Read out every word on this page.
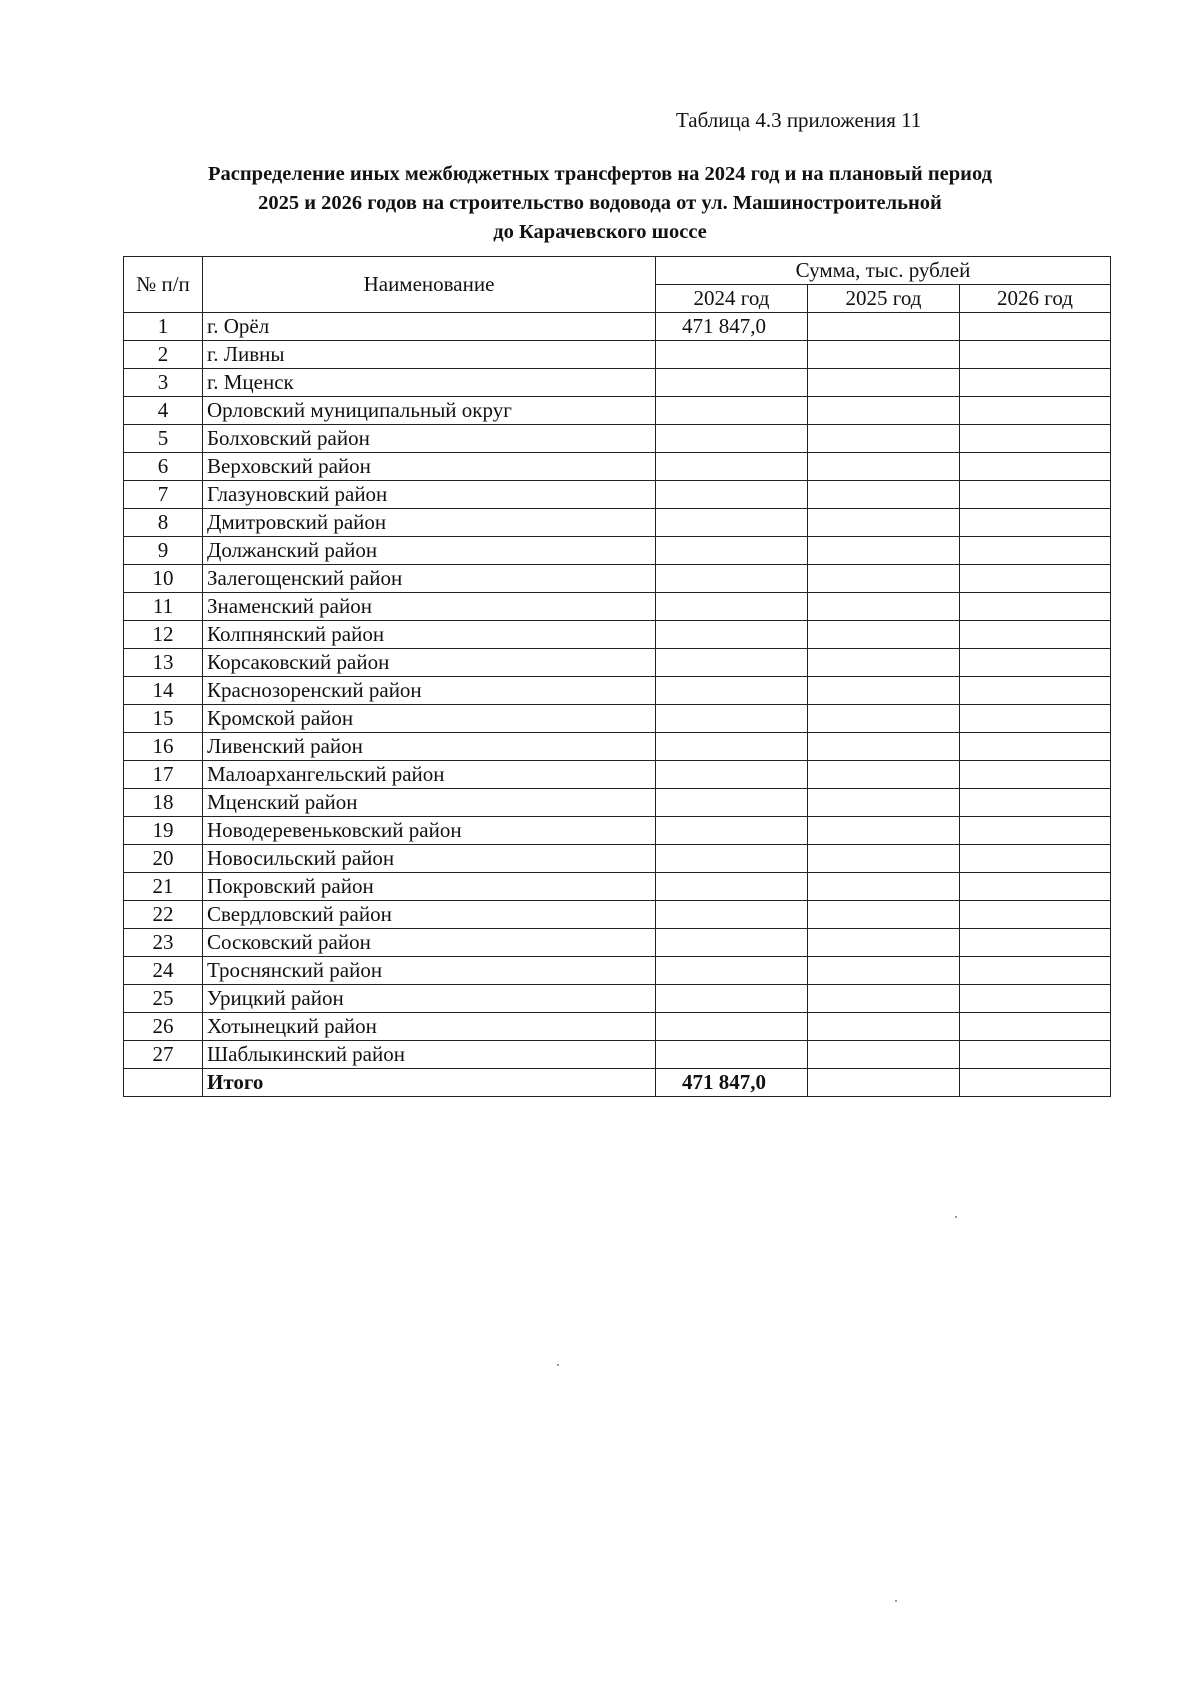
Таблица 4.3 приложения 11
Распределение иных межбюджетных трансфертов на 2024 год и на плановый период
2025 и 2026 годов на строительство водовода от ул. Машиностроительной
до Карачевского шоссе
№ п/п	Наименование	Сумма, тыс. рублей		
		2024 год	2025 год	2026 год
1	г. Орёл	471 847,0		
2	г. Ливны			
3	г. Мценск			
4	Орловский муниципальный округ			
5	Болховский район			
6	Верховский район			
7	Глазуновский район			
8	Дмитровский район			
9	Должанский район			
10	Залегощенский район			
11	Знаменский район			
12	Колпнянский район			
13	Корсаковский район			
14	Краснозоренский район			
15	Кромской район			
16	Ливенский район			
17	Малоархангельский район			
18	Мценский район			
19	Новодеревеньковский район			
20	Новосильский район			
21	Покровский район			
22	Свердловский район			
23	Сосковский район			
24	Троснянский район			
25	Урицкий район			
26	Хотынецкий район			
27	Шаблыкинский район			
	Итого	471 847,0		
